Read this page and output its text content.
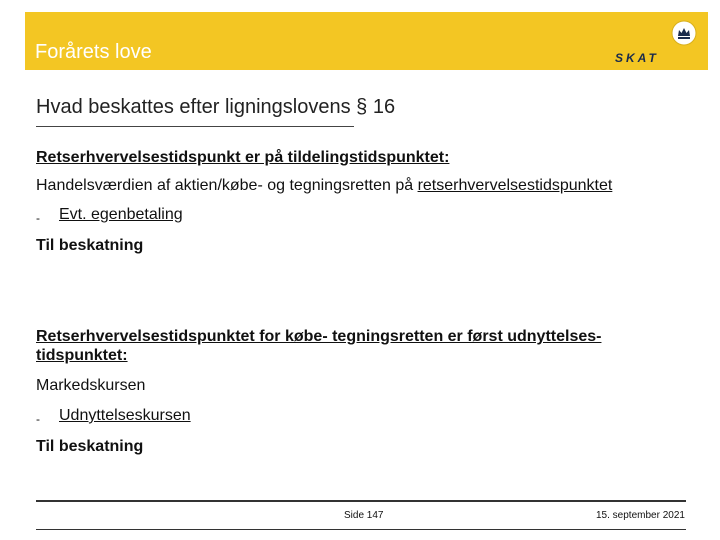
Forårets love	SKAT
Hvad beskattes efter ligningslovens § 16
Retserhvervelsestidspunkt er på tildelingstidspunktet:
Handelsværdien af aktien/købe- og tegningsretten på retserhvervelsestidspunktet
- Evt. egenbetaling
Til beskatning
Retserhvervelsestidspunktet for købe- tegningsretten er først udnyttelses-
tidspunktet:
Markedskursen
- Udnyttelseskursen
Til beskatning
Side 147	15. september 2021
